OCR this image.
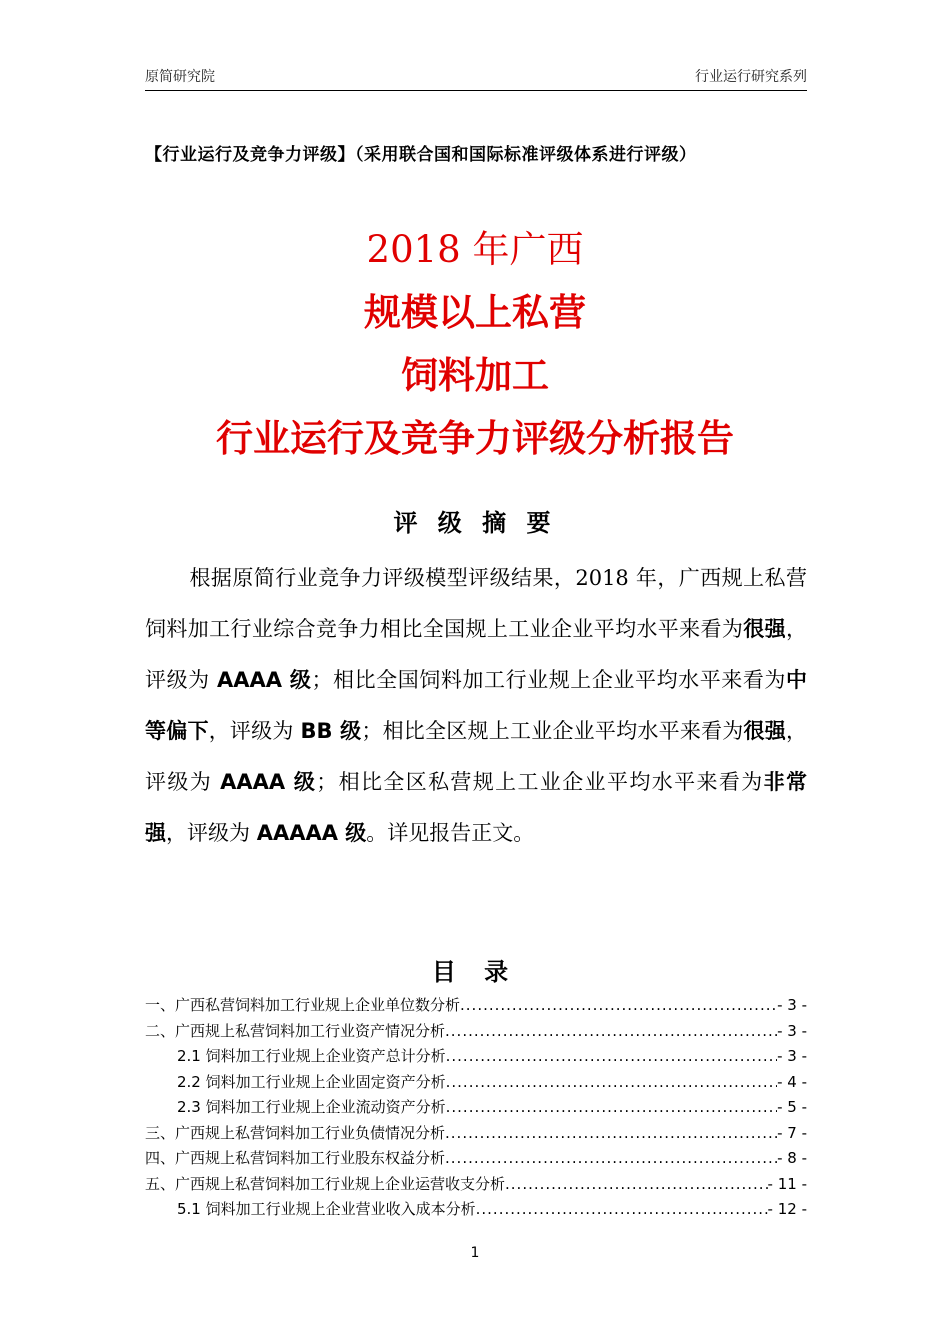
原简研究院	行业运行研究系列
【行业运行及竞争力评级】（采用联合国和国际标准评级体系进行评级）
2018 年广西
规模以上私营
饲料加工
行业运行及竞争力评级分析报告
评 级 摘 要
根据原简行业竞争力评级模型评级结果，2018 年，广西规上私营饲料加工行业综合竞争力相比全国规上工业企业平均水平来看为很强，评级为 AAAA 级；相比全国饲料加工行业规上企业平均水平来看为中等偏下，评级为 BB 级；相比全区规上工业企业平均水平来看为很强，评级为 AAAA 级；相比全区私营规上工业企业平均水平来看为非常强，评级为 AAAAA 级。详见报告正文。
目 录
一、广西私营饲料加工行业规上企业单位数分析 .....	- 3 -
二、广西规上私营饲料加工行业资产情况分析 .....	- 3 -
2.1 饲料加工行业规上企业资产总计分析 .....	- 3 -
2.2 饲料加工行业规上企业固定资产分析 .....	- 4 -
2.3 饲料加工行业规上企业流动资产分析 .....	- 5 -
三、广西规上私营饲料加工行业负债情况分析 .....	- 7 -
四、广西规上私营饲料加工行业股东权益分析 .....	- 8 -
五、广西规上私营饲料加工行业规上企业运营收支分析 .....	- 11 -
5.1 饲料加工行业规上企业营业收入成本分析 .....	- 12 -
1
